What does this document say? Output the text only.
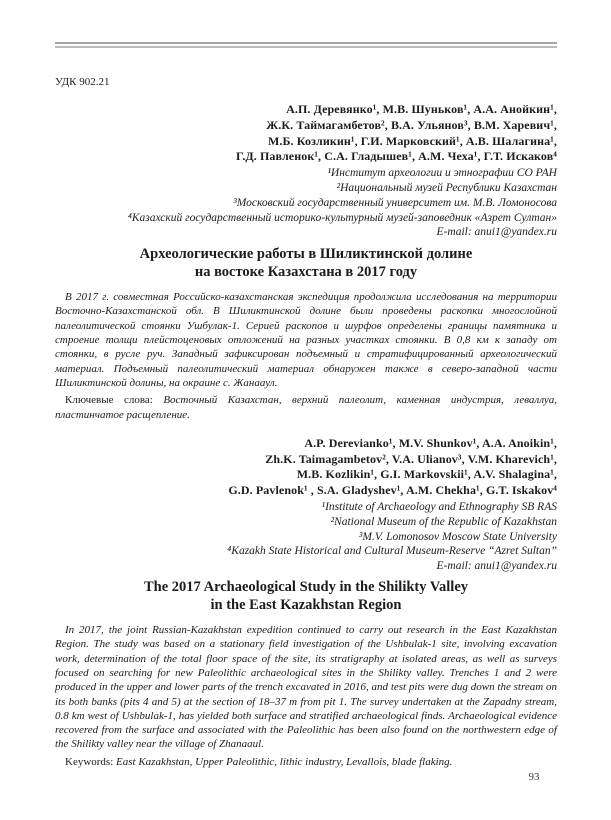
УДК 902.21
А.П. Деревянко¹, М.В. Шуньков¹, А.А. Анойкин¹,
Ж.К. Таймагамбетов², В.А. Ульянов³, В.М. Харевич¹,
М.Б. Козликин¹, Г.И. Марковский¹, А.В. Шалагина¹,
Г.Д. Павленок¹, С.А. Гладышев¹, А.М. Чеха¹, Г.Т. Искаков⁴
¹Институт археологии и этнографии СО РАН
²Национальный музей Республики Казахстан
³Московский государственный университет им. М.В. Ломоносова
⁴Казахский государственный историко-культурный музей-заповедник «Азрет Султан»
E-mail: anui1@yandex.ru
Археологические работы в Шиликтинской долине
на востоке Казахстана в 2017 году

В 2017 г. совместная Российско-казахстанская экспедиция продолжила исследования на территории Восточно-Казахстанской обл. В Шиликтинской долине были проведены раскопки многослойной палеолитической стоянки Ушбулак-1. Серией раскопов и шурфов определены границы памятника и строение толщи плейстоценовых отложений на разных участках стоянки. В 0,8 км к западу от стоянки, в русле руч. Западный зафиксирован подъемный и стратифицированный археологический материал. Подъемный палеолитический материал обнаружен также в северо-западной части Шиликтинской долины, на окраине с. Жанааул.

Ключевые слова: Восточный Казахстан, верхний палеолит, каменная индустрия, леваллуа, пластинчатое расщепление.

A.P. Derevianko¹, M.V. Shunkov¹, A.A. Anoikin¹,
Zh.K. Taimagambetov², V.A. Ulianov³, V.M. Kharevich¹,
M.B. Kozlikin¹, G.I. Markovskii¹, A.V. Shalagina¹,
G.D. Pavlenok¹ , S.A. Gladyshev¹, A.M. Chekha¹, G.T. Iskakov⁴
¹Institute of Archaeology and Ethnography SB RAS
²National Museum of the Republic of Kazakhstan
³M.V. Lomonosov Moscow State University
⁴Kazakh State Historical and Cultural Museum-Reserve “Azret Sultan”
E-mail: anui1@yandex.ru
The 2017 Archaeological Study in the Shilikty Valley
in the East Kazakhstan Region

In 2017, the joint Russian-Kazakhstan expedition continued to carry out research in the East Kazakhstan Region. The study was based on a stationary field investigation of the Ushbulak-1 site, involving excavation work, determination of the total floor space of the site, its stratigraphy at isolated areas, as well as surveys focused on searching for new Paleolithic archaeological sites in the Shilikty valley. Trenches 1 and 2 were produced in the upper and lower parts of the trench excavated in 2016, and test pits were dug down the stream on its both banks (pits 4 and 5) at the section of 18–37 m from pit 1. The survey undertaken at the Zapadny stream, 0.8 km west of Ushbulak-1, has yielded both surface and stratified archaeological finds. Archaeological evidence recovered from the surface and associated with the Paleolithic has been also found on the northwestern edge of the Shilikty valley near the village of Zhanaaul.

Keywords: East Kazakhstan, Upper Paleolithic, lithic industry, Levallois, blade flaking.

93
